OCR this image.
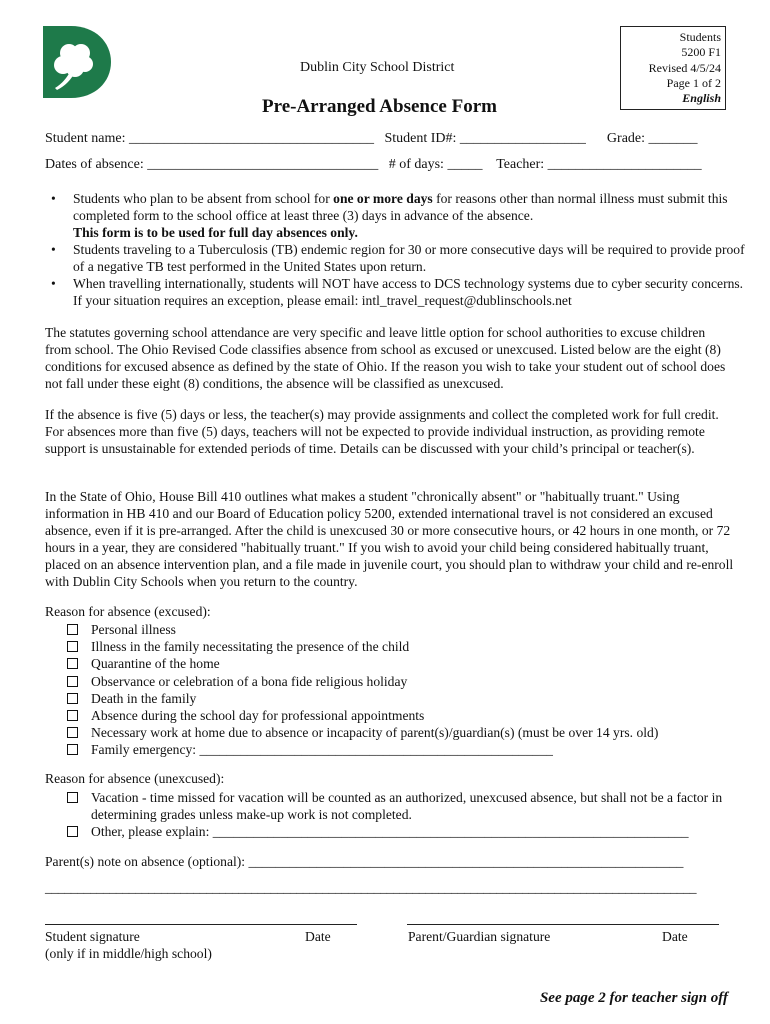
Dublin City School District
Pre-Arranged Absence Form
Students
5200 F1
Revised 4/5/24
Page 1 of 2
English
Student name: ___________________________________   Student ID#: __________________      Grade: _______
Dates of absence: _________________________________   # of days: _____    Teacher: ______________________
• Students who plan to be absent from school for one or more days for reasons other than normal illness must submit this completed form to the school office at least three (3) days in advance of the absence.
This form is to be used for full day absences only.
• Students traveling to a Tuberculosis (TB) endemic region for 30 or more consecutive days will be required to provide proof of a negative TB test performed in the United States upon return.
• When travelling internationally, students will NOT have access to DCS technology systems due to cyber security concerns. If your situation requires an exception, please email: intl_travel_request@dublinschools.net

The statutes governing school attendance are very specific and leave little option for school authorities to excuse children from school. The Ohio Revised Code classifies absence from school as excused or unexcused. Listed below are the eight (8) conditions for excused absence as defined by the state of Ohio. If the reason you wish to take your student out of school does not fall under these eight (8) conditions, the absence will be classified as unexcused.

If the absence is five (5) days or less, the teacher(s) may provide assignments and collect the completed work for full credit. For absences more than five (5) days, teachers will not be expected to provide individual instruction, as providing remote support is unsustainable for extended periods of time. Details can be discussed with your child’s principal or teacher(s).

In the State of Ohio, House Bill 410 outlines what makes a student "chronically absent" or "habitually truant." Using information in HB 410 and our Board of Education policy 5200, extended international travel is not considered an excused absence, even if it is pre-arranged. After the child is unexcused 30 or more consecutive hours, or 42 hours in one month, or 72 hours in a year, they are considered "habitually truant." If you wish to avoid your child being considered habitually truant, placed on an absence intervention plan, and a file made in juvenile court, you should plan to withdraw your child and re-enroll with Dublin City Schools when you return to the country.

Reason for absence (excused):
Personal illness
Illness in the family necessitating the presence of the child
Quarantine of the home
Observance or celebration of a bona fide religious holiday
Death in the family
Absence during the school day for professional appointments
Necessary work at home due to absence or incapacity of parent(s)/guardian(s) (must be over 14 yrs. old)
Family emergency: ____________________________________________________
Reason for absence (unexcused):
Vacation - time missed for vacation will be counted as an authorized, unexcused absence, but shall not be a factor in determining grades unless make-up work is not completed.
Other, please explain: ______________________________________________________________________
Parent(s) note on absence (optional): ________________________________________________________________
_____________________________________________________________________________________________________
Student signature	Date
(only if in middle/high school)
Parent/Guardian signature	Date
See page 2 for teacher sign off
